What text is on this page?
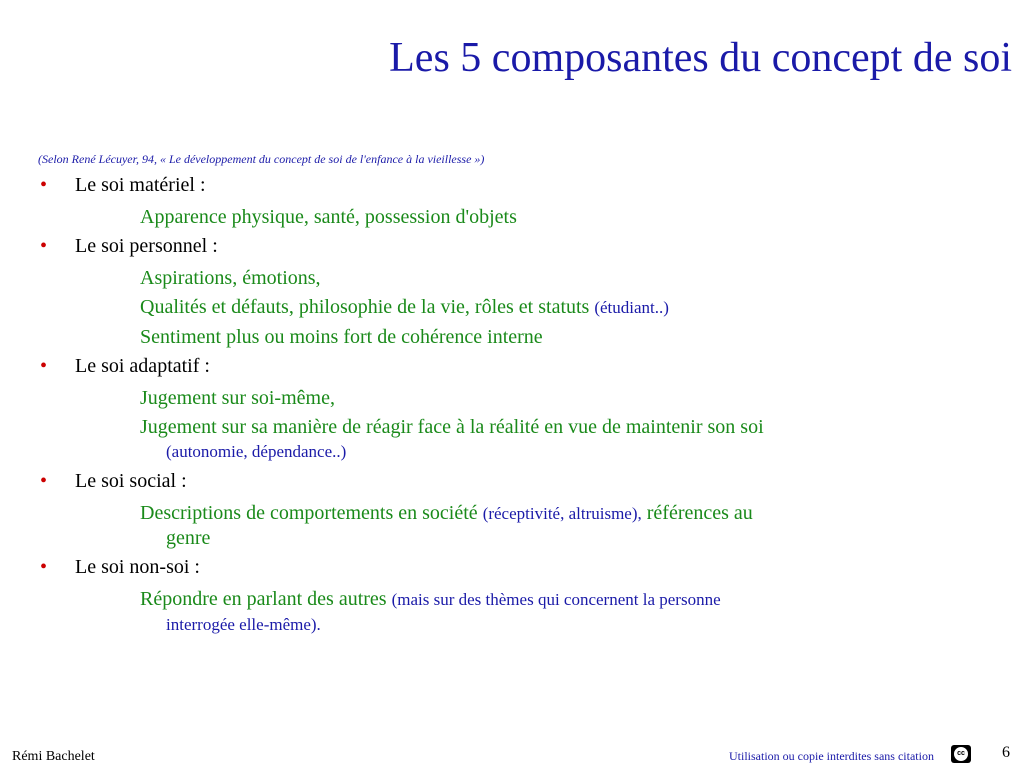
Les 5 composantes du concept de soi
(Selon René Lécuyer, 94, « Le développement du concept de soi de l'enfance à la vieillesse »)
• Le soi matériel :
Apparence physique, santé, possession d'objets
• Le soi personnel :
Aspirations, émotions,
Qualités et défauts, philosophie de la vie, rôles et statuts (étudiant..)
Sentiment plus ou moins fort de cohérence interne
• Le soi adaptatif :
Jugement sur soi-même,
Jugement sur sa manière de réagir face à la réalité en vue de maintenir son soi
(autonomie, dépendance..)
• Le soi social :
Descriptions de comportements en société (réceptivité, altruisme), références au
genre
• Le soi non-soi :
Répondre en parlant des autres (mais sur des thèmes qui concernent la personne
interrogée elle-même).
Rémi Bachelet	Utilisation ou copie interdites sans citation	cc 6
